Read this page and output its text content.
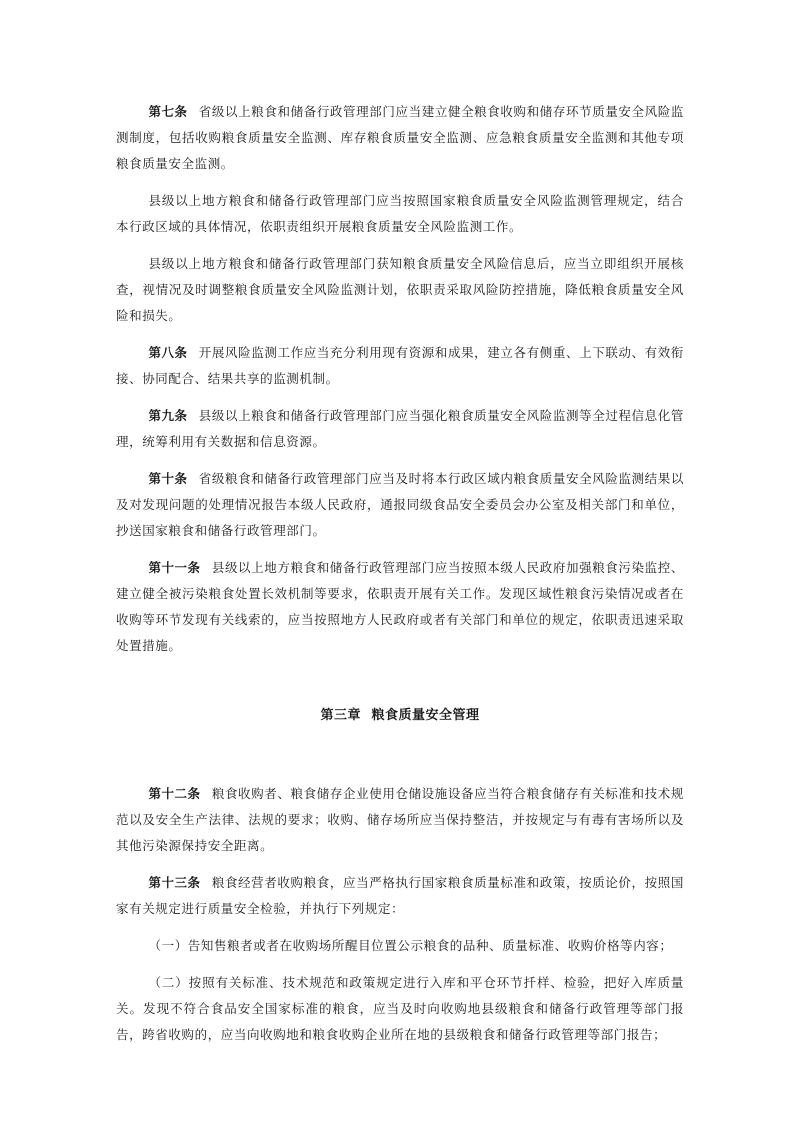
第七条 省级以上粮食和储备行政管理部门应当建立健全粮食收购和储存环节质量安全风险监测制度，包括收购粮食质量安全监测、库存粮食质量安全监测、应急粮食质量安全监测和其他专项粮食质量安全监测。

县级以上地方粮食和储备行政管理部门应当按照国家粮食质量安全风险监测管理规定，结合本行政区域的具体情况，依职责组织开展粮食质量安全风险监测工作。

县级以上地方粮食和储备行政管理部门获知粮食质量安全风险信息后，应当立即组织开展核查，视情况及时调整粮食质量安全风险监测计划，依职责采取风险防控措施，降低粮食质量安全风险和损失。

第八条 开展风险监测工作应当充分利用现有资源和成果，建立各有侧重、上下联动、有效衔接、协同配合、结果共享的监测机制。

第九条 县级以上粮食和储备行政管理部门应当强化粮食质量安全风险监测等全过程信息化管理，统筹利用有关数据和信息资源。

第十条 省级粮食和储备行政管理部门应当及时将本行政区域内粮食质量安全风险监测结果以及对发现问题的处理情况报告本级人民政府，通报同级食品安全委员会办公室及相关部门和单位，抄送国家粮食和储备行政管理部门。

第十一条 县级以上地方粮食和储备行政管理部门应当按照本级人民政府加强粮食污染监控、建立健全被污染粮食处置长效机制等要求，依职责开展有关工作。发现区域性粮食污染情况或者在收购等环节发现有关线索的，应当按照地方人民政府或者有关部门和单位的规定，依职责迅速采取处置措施。

第三章 粮食质量安全管理

第十二条 粮食收购者、粮食储存企业使用仓储设施设备应当符合粮食储存有关标准和技术规范以及安全生产法律、法规的要求；收购、储存场所应当保持整洁，并按规定与有毒有害场所以及其他污染源保持安全距离。

第十三条 粮食经营者收购粮食，应当严格执行国家粮食质量标准和政策，按质论价，按照国家有关规定进行质量安全检验，并执行下列规定：

（一）告知售粮者或者在收购场所醒目位置公示粮食的品种、质量标准、收购价格等内容；

（二）按照有关标准、技术规范和政策规定进行入库和平仓环节扦样、检验，把好入库质量关。发现不符合食品安全国家标准的粮食，应当及时向收购地县级粮食和储备行政管理等部门报告，跨省收购的，应当向收购地和粮食收购企业所在地的县级粮食和储备行政管理等部门报告；
